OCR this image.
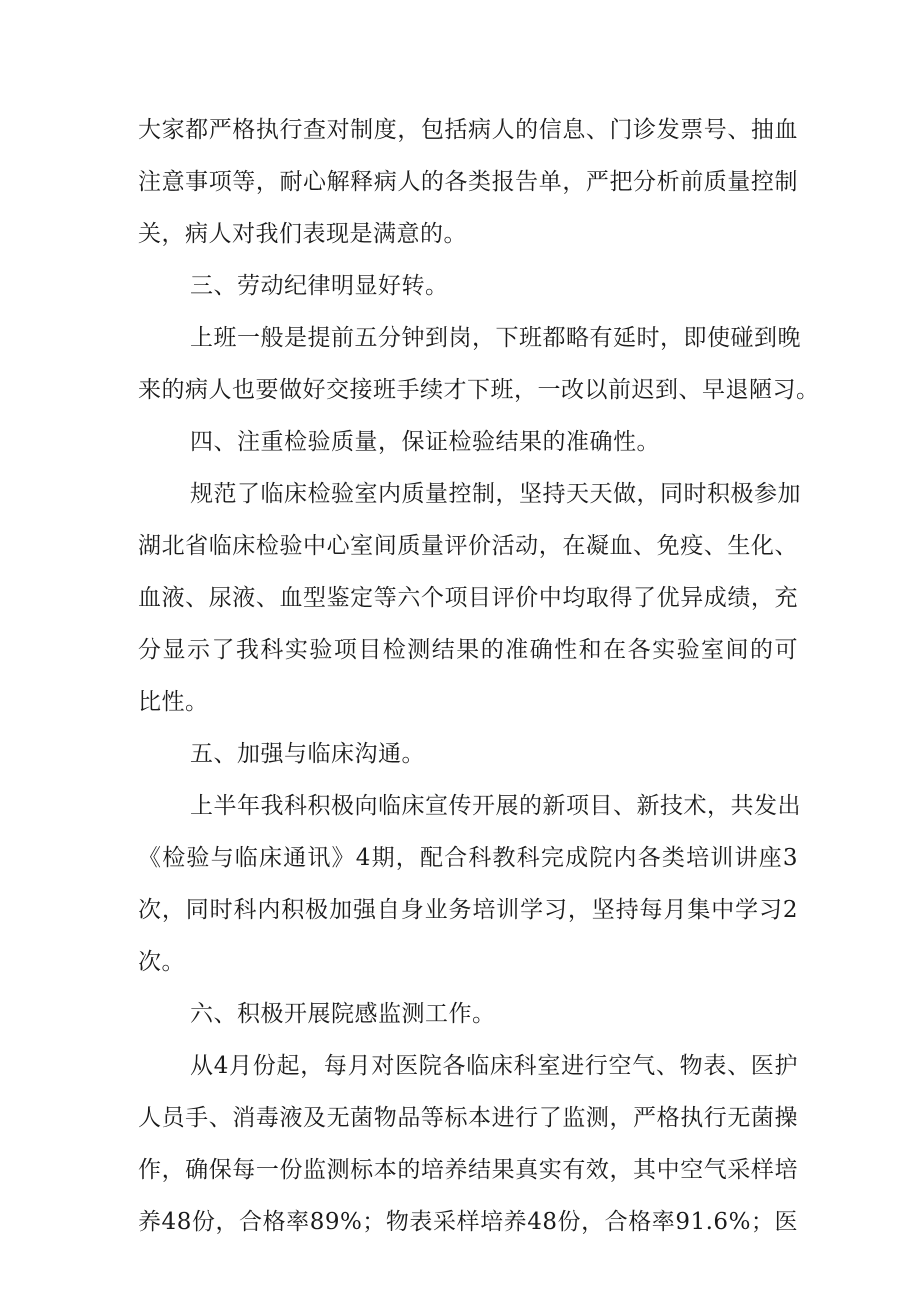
大家都严格执行查对制度，包括病人的信息、门诊发票号、抽血
注意事项等，耐心解释病人的各类报告单，严把分析前质量控制
关，病人对我们表现是满意的。
三、劳动纪律明显好转。
上班一般是提前五分钟到岗，下班都略有延时，即使碰到晚
来的病人也要做好交接班手续才下班，一改以前迟到、早退陋习。
四、注重检验质量，保证检验结果的准确性。
规范了临床检验室内质量控制，坚持天天做，同时积极参加
湖北省临床检验中心室间质量评价活动，在凝血、免疫、生化、
血液、尿液、血型鉴定等六个项目评价中均取得了优异成绩，充
分显示了我科实验项目检测结果的准确性和在各实验室间的可
比性。
五、加强与临床沟通。
上半年我科积极向临床宣传开展的新项目、新技术，共发出
《检验与临床通讯》4期，配合科教科完成院内各类培训讲座3
次，同时科内积极加强自身业务培训学习，坚持每月集中学习2
次。
六、积极开展院感监测工作。
从4月份起，每月对医院各临床科室进行空气、物表、医护
人员手、消毒液及无菌物品等标本进行了监测，严格执行无菌操
作，确保每一份监测标本的培养结果真实有效，其中空气采样培
养48份，合格率89%；物表采样培养48份，合格率91.6%；医
